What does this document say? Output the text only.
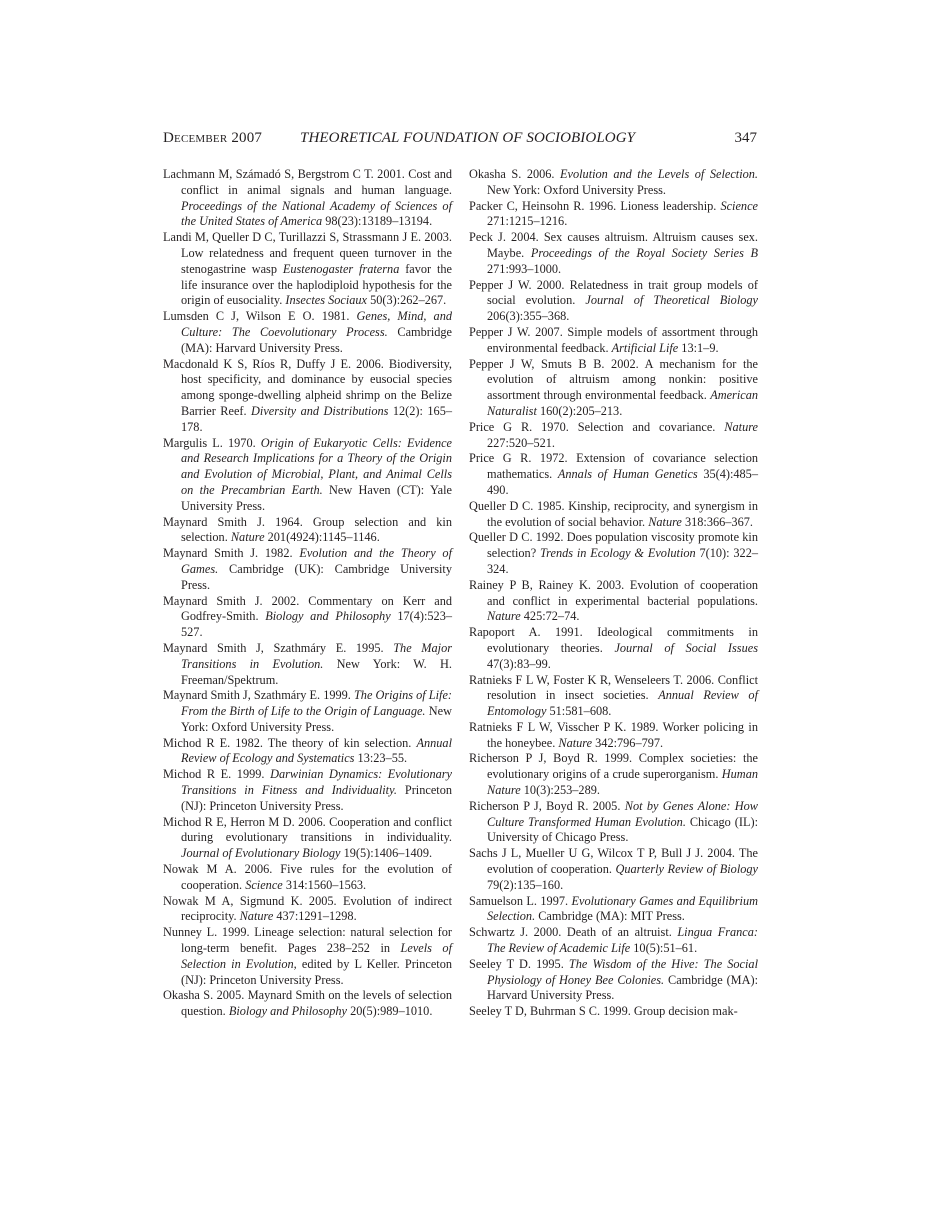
December 2007	THEORETICAL FOUNDATION OF SOCIOBIOLOGY	347

Lachmann M, Számadó S, Bergstrom C T. 2001. Cost and conflict in animal signals and human language. Proceedings of the National Academy of Sciences of the United States of America 98(23):13189–13194.

Landi M, Queller D C, Turillazzi S, Strassmann J E. 2003. Low relatedness and frequent queen turnover in the stenogastrine wasp Eustenogaster fraterna favor the life insurance over the haplodiploid hypothesis for the origin of eusociality. Insectes Sociaux 50(3):262–267.

Lumsden C J, Wilson E O. 1981. Genes, Mind, and Culture: The Coevolutionary Process. Cambridge (MA): Harvard University Press.

Macdonald K S, Ríos R, Duffy J E. 2006. Biodiversity, host specificity, and dominance by eusocial species among sponge-dwelling alpheid shrimp on the Belize Barrier Reef. Diversity and Distributions 12(2): 165–178.

Margulis L. 1970. Origin of Eukaryotic Cells: Evidence and Research Implications for a Theory of the Origin and Evolution of Microbial, Plant, and Animal Cells on the Precambrian Earth. New Haven (CT): Yale University Press.

Maynard Smith J. 1964. Group selection and kin selection. Nature 201(4924):1145–1146.

Maynard Smith J. 1982. Evolution and the Theory of Games. Cambridge (UK): Cambridge University Press.

Maynard Smith J. 2002. Commentary on Kerr and Godfrey-Smith. Biology and Philosophy 17(4):523–527.

Maynard Smith J, Szathmáry E. 1995. The Major Transitions in Evolution. New York: W. H. Freeman/Spektrum.

Maynard Smith J, Szathmáry E. 1999. The Origins of Life: From the Birth of Life to the Origin of Language. New York: Oxford University Press.

Michod R E. 1982. The theory of kin selection. Annual Review of Ecology and Systematics 13:23–55.

Michod R E. 1999. Darwinian Dynamics: Evolutionary Transitions in Fitness and Individuality. Princeton (NJ): Princeton University Press.

Michod R E, Herron M D. 2006. Cooperation and conflict during evolutionary transitions in individuality. Journal of Evolutionary Biology 19(5):1406–1409.

Nowak M A. 2006. Five rules for the evolution of cooperation. Science 314:1560–1563.

Nowak M A, Sigmund K. 2005. Evolution of indirect reciprocity. Nature 437:1291–1298.

Nunney L. 1999. Lineage selection: natural selection for long-term benefit. Pages 238–252 in Levels of Selection in Evolution, edited by L Keller. Princeton (NJ): Princeton University Press.

Okasha S. 2005. Maynard Smith on the levels of selection question. Biology and Philosophy 20(5):989–1010.

Okasha S. 2006. Evolution and the Levels of Selection. New York: Oxford University Press.

Packer C, Heinsohn R. 1996. Lioness leadership. Science 271:1215–1216.

Peck J. 2004. Sex causes altruism. Altruism causes sex. Maybe. Proceedings of the Royal Society Series B 271:993–1000.

Pepper J W. 2000. Relatedness in trait group models of social evolution. Journal of Theoretical Biology 206(3):355–368.

Pepper J W. 2007. Simple models of assortment through environmental feedback. Artificial Life 13:1–9.

Pepper J W, Smuts B B. 2002. A mechanism for the evolution of altruism among nonkin: positive assortment through environmental feedback. American Naturalist 160(2):205–213.

Price G R. 1970. Selection and covariance. Nature 227:520–521.

Price G R. 1972. Extension of covariance selection mathematics. Annals of Human Genetics 35(4):485–490.

Queller D C. 1985. Kinship, reciprocity, and synergism in the evolution of social behavior. Nature 318:366–367.

Queller D C. 1992. Does population viscosity promote kin selection? Trends in Ecology & Evolution 7(10): 322–324.

Rainey P B, Rainey K. 2003. Evolution of cooperation and conflict in experimental bacterial populations. Nature 425:72–74.

Rapoport A. 1991. Ideological commitments in evolutionary theories. Journal of Social Issues 47(3):83–99.

Ratnieks F L W, Foster K R, Wenseleers T. 2006. Conflict resolution in insect societies. Annual Review of Entomology 51:581–608.

Ratnieks F L W, Visscher P K. 1989. Worker policing in the honeybee. Nature 342:796–797.

Richerson P J, Boyd R. 1999. Complex societies: the evolutionary origins of a crude superorganism. Human Nature 10(3):253–289.

Richerson P J, Boyd R. 2005. Not by Genes Alone: How Culture Transformed Human Evolution. Chicago (IL): University of Chicago Press.

Sachs J L, Mueller U G, Wilcox T P, Bull J J. 2004. The evolution of cooperation. Quarterly Review of Biology 79(2):135–160.

Samuelson L. 1997. Evolutionary Games and Equilibrium Selection. Cambridge (MA): MIT Press.

Schwartz J. 2000. Death of an altruist. Lingua Franca: The Review of Academic Life 10(5):51–61.

Seeley T D. 1995. The Wisdom of the Hive: The Social Physiology of Honey Bee Colonies. Cambridge (MA): Harvard University Press.

Seeley T D, Buhrman S C. 1999. Group decision mak-
